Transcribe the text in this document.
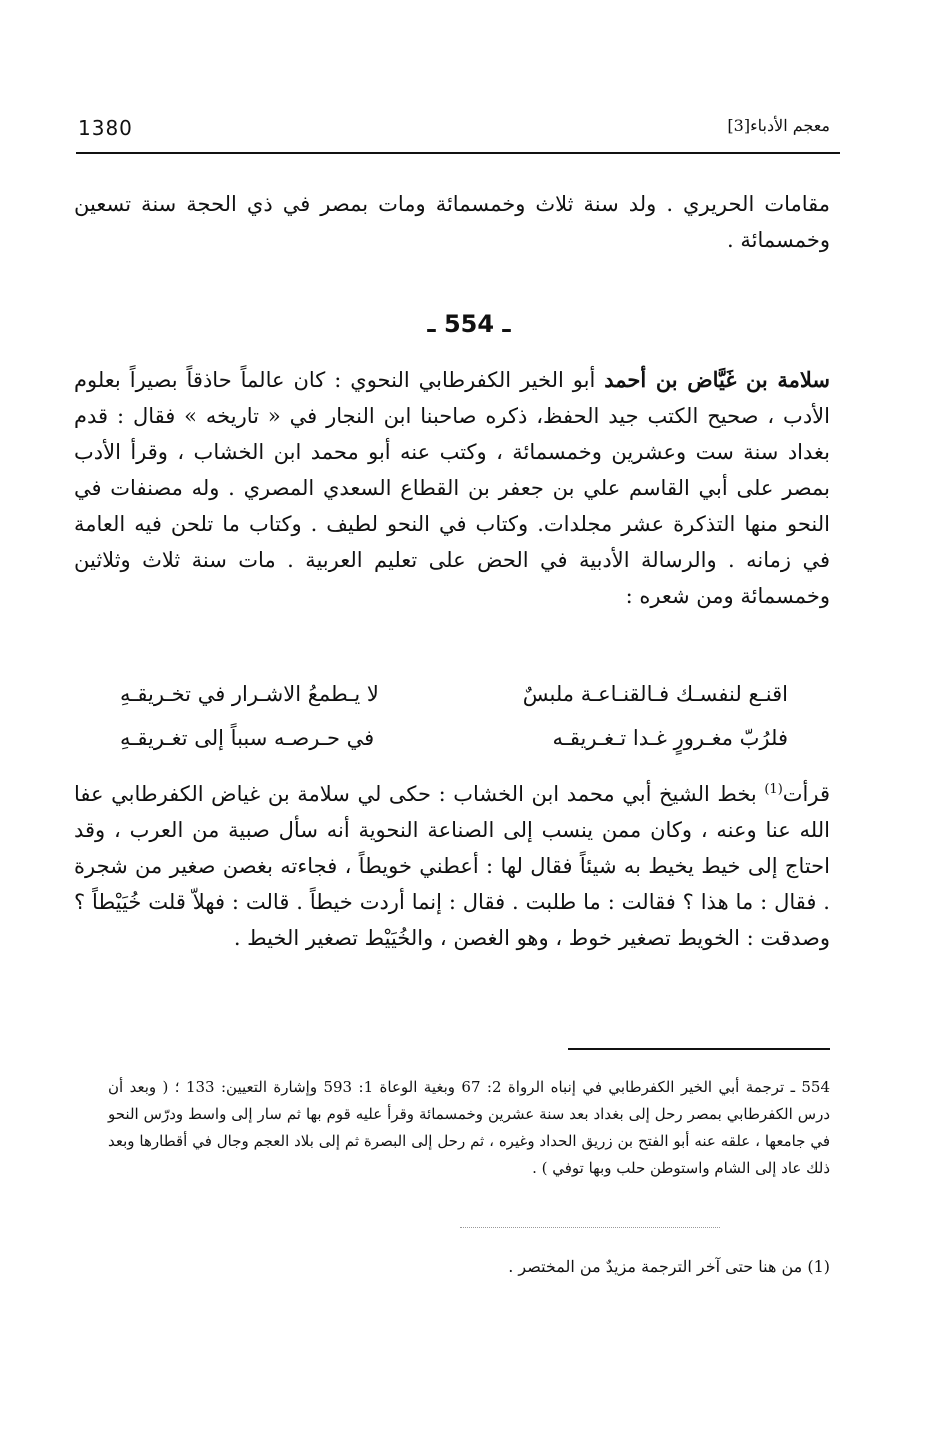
1380	معجم الأدباء[3]
مقامات الحريري . ولد سنة ثلاث وخمسمائة ومات بمصر في ذي الحجة سنة تسعين وخمسمائة .
ـ 554 ـ
سلامة بن غَيَّاض بن أحمد أبو الخير الكفرطابي النحوي : كان عالماً حاذقاً بصيراً بعلوم الأدب ، صحيح الكتب جيد الحفظ، ذكره صاحبنا ابن النجار في « تاريخه » فقال : قدم بغداد سنة ست وعشرين وخمسمائة ، وكتب عنه أبو محمد ابن الخشاب ، وقرأ الأدب بمصر على أبي القاسم علي بن جعفر بن القطاع السعدي المصري . وله مصنفات في النحو منها التذكرة عشر مجلدات. وكتاب في النحو لطيف . وكتاب ما تلحن فيه العامة في زمانه . والرسالة الأدبية في الحض على تعليم العربية . مات سنة ثلاث وثلاثين وخمسمائة ومن شعره :
اقنـع لنفسـك فـالقنـاعـة ملبسٌ
لا يـطمعُ الاشـرار في تخـريقـهِ
فلرُبّ مغـرورٍ غـدا تـغـريقـه
في حـرصـه سبباً إلى تغـريقـهِ
قرأت$^{(1)}$ بخط الشيخ أبي محمد ابن الخشاب : حكى لي سلامة بن غياض الكفرطابي عفا الله عنا وعنه ، وكان ممن ينسب إلى الصناعة النحوية أنه سأل صبية من العرب ، وقد احتاج إلى خيط يخيط به شيئاً فقال لها : أعطني خويطاً ، فجاءته بغصن صغير من شجرة . فقال : ما هذا ؟ فقالت : ما طلبت . فقال : إنما أردت خيطاً . قالت : فهلاّ قلت خُيَيْطاً ؟ وصدقت : الخويط تصغير خوط ، وهو الغصن ، والخُيَيْط تصغير الخيط .
554 ـ ترجمة أبي الخير الكفرطابي في إنباه الرواة 2: 67 وبغية الوعاة 1: 593 وإشارة التعيين: 133 ؛ ( وبعد أن درس الكفرطابي بمصر رحل إلى بغداد بعد سنة عشرين وخمسمائة وقرأ عليه قوم بها ثم سار إلى واسط ودرّس النحو في جامعها ، علقه عنه أبو الفتح بن زريق الحداد وغيره ، ثم رحل إلى البصرة ثم إلى بلاد العجم وجال في أقطارها وبعد ذلك عاد إلى الشام واستوطن حلب وبها توفي ) .
(1) من هنا حتى آخر الترجمة مزيدٌ من المختصر .
